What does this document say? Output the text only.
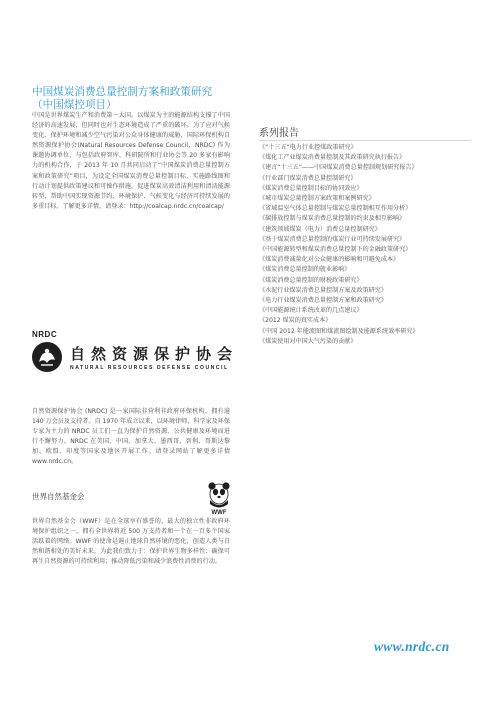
中国煤炭消费总量控制方案和政策研究
（中国煤控项目）
中国是世界煤炭生产和消费第一大国。以煤炭为主的能源结构支撑了中国经济的高速发展，但同时也对生态环境造成了严重的破坏。为了应对气候变化、保护环境和减少空气污染对公众身体健康的威胁，国际环保机构自然资源保护协会(Natural Resources Defense Council，NRDC) 作为课题协调单位，与包括政府智库、科研院所和行业协会等 20 多家有影响力的机构合作，于 2013 年 10 月共同启动了“中国煤炭消费总量控制方案和政策研究”项目，为设定全国煤炭消费总量控制目标、实施路线图和行动计划提供政策建议和可操作措施，促进煤炭高效清洁利用和清洁能源转型，帮助中国实现资源节约、环境保护、气候变化与经济可持续发展的多重目标。了解更多详情，请登录：http://coalcap.nrdc.cn/coalcap/
NRDC
自然资源保护协会
NATURAL RESOURCES DEFENSE COUNCIL
自然资源保护协会 (NRDC) 是一家国际非营利非政府环保机构，拥有逾 140 万会员及支持者。自 1970 年成立以来，以环境律师、科学家及环保专家为主力的 NRDC 员工们一直为保护自然资源、公共健康及环境而进行不懈努力。NRDC 在美国、中国、加拿大、墨西哥、智利、哥斯达黎加、欧盟、印度等国家及地区开展工作。请登录网站了解更多详情 www.nrdc.cn。
世界自然基金会
WWF
世界自然基金会（WWF）是在全球享有盛誉的、最大的独立性非政府环境保护组织之一，拥有全世界将近 500 万支持者和一个在一百多个国家活跃着的网络。WWF 的使命是遏止地球自然环境的恶化，创造人类与自然和谐相处的美好未来。为此我们致力于：保护世界生物多样性；确保可再生自然资源的可持续利用；推动降低污染和减少浪费性消费的行动。
系列报告
《“十三五”电力行业控煤政策研究》
《煤化工产业煤炭消费量控制及其政策研究执行报告》
《建言“十三五”——中国煤炭消费总量控制规划研究报告》
《行业部门煤炭消费总量控制研究》
《煤炭消费总量控制目标的协同效应》
《城市煤炭总量控制方案政策和案例研究》
《省域温室气体总量控制与煤炭总量控制相互作用分析》
《碳排放控制与煤炭消费总量控制的约束及相互影响》
《建筑领域煤炭（电力）消费总量控制研究》
《基于煤炭消费总量控制的煤炭行业可持续发展研究》
《中国能源转型和煤炭消费总量控制下的金融政策研究》
《煤炭消费减量化对公众健康的影响和可避免成本》
《煤炭消费总量控制的就业影响》
《煤炭消费总量控制的财税政策研究》
《水泥行业煤炭消费总量控制方案及政策研究》
《电力行业煤炭消费总量控制方案和政策研究》
《中国能源统计系统改革的几点建议》
《2012 煤炭的真实成本》
《中国 2012 年能流图和煤流图绘制及能源系统效率研究》
《煤炭使用对中国大气污染的贡献》
www.nrdc.cn
